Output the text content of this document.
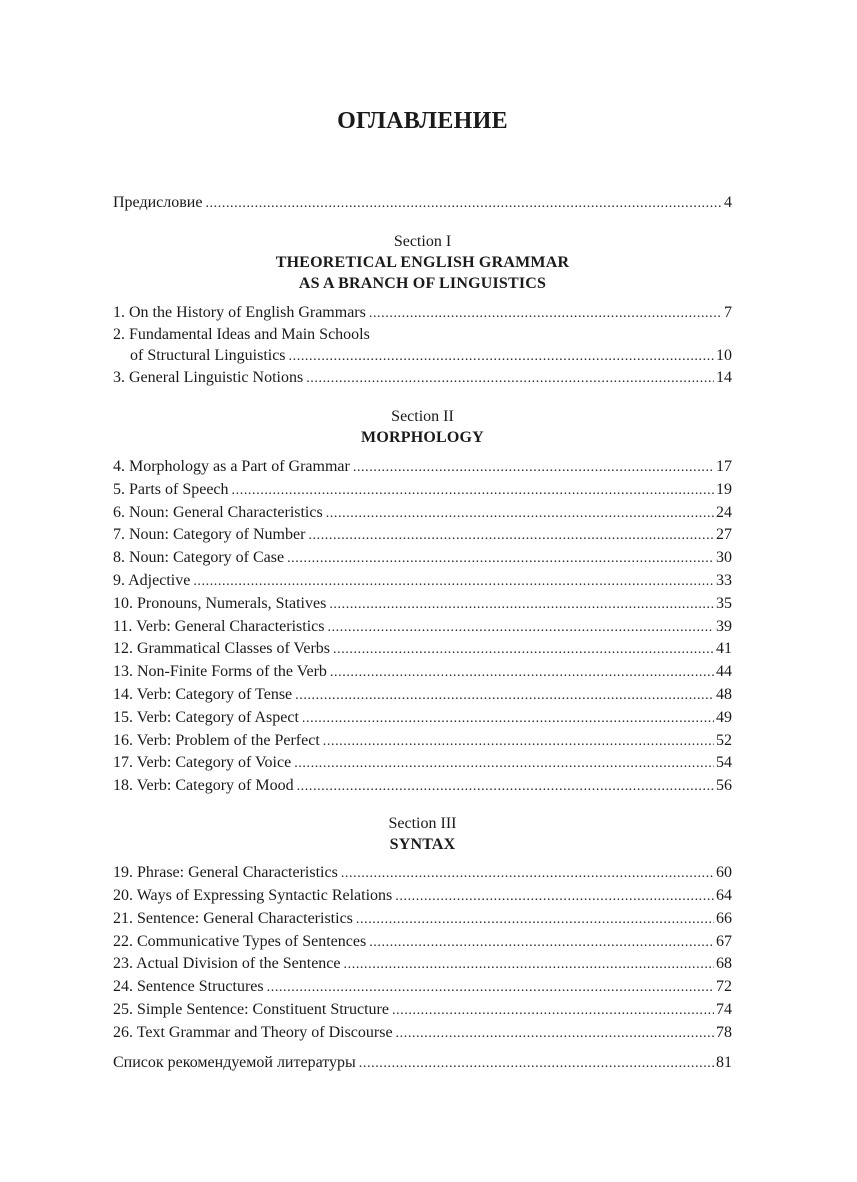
ОГЛАВЛЕНИЕ
Предисловие .....	4
Section I
THEORETICAL ENGLISH GRAMMAR
AS A BRANCH OF LINGUISTICS
1. On the History of English Grammars .....	7
2. Fundamental Ideas and Main Schools
of Structural Linguistics .....	10
3. General Linguistic Notions .....	14
Section II
MORPHOLOGY
4. Morphology as a Part of Grammar .....	17
5. Parts of Speech .....	19
6. Noun: General Characteristics .....	24
7. Noun: Category of Number .....	27
8. Noun: Category of Case .....	30
9. Adjective .....	33
10. Pronouns, Numerals, Statives .....	35
11. Verb: General Characteristics .....	39
12. Grammatical Classes of Verbs .....	41
13. Non-Finite Forms of the Verb .....	44
14. Verb: Category of Tense .....	48
15. Verb: Category of Aspect .....	49
16. Verb: Problem of the Perfect .....	52
17. Verb: Category of Voice .....	54
18. Verb: Category of Mood .....	56
Section III
SYNTAX
19. Phrase: General Characteristics .....	60
20. Ways of Expressing Syntactic Relations .....	64
21. Sentence: General Characteristics .....	66
22. Communicative Types of Sentences .....	67
23. Actual Division of the Sentence .....	68
24. Sentence Structures .....	72
25. Simple Sentence: Constituent Structure .....	74
26. Text Grammar and Theory of Discourse .....	78
Список рекомендуемой литературы .....	81
